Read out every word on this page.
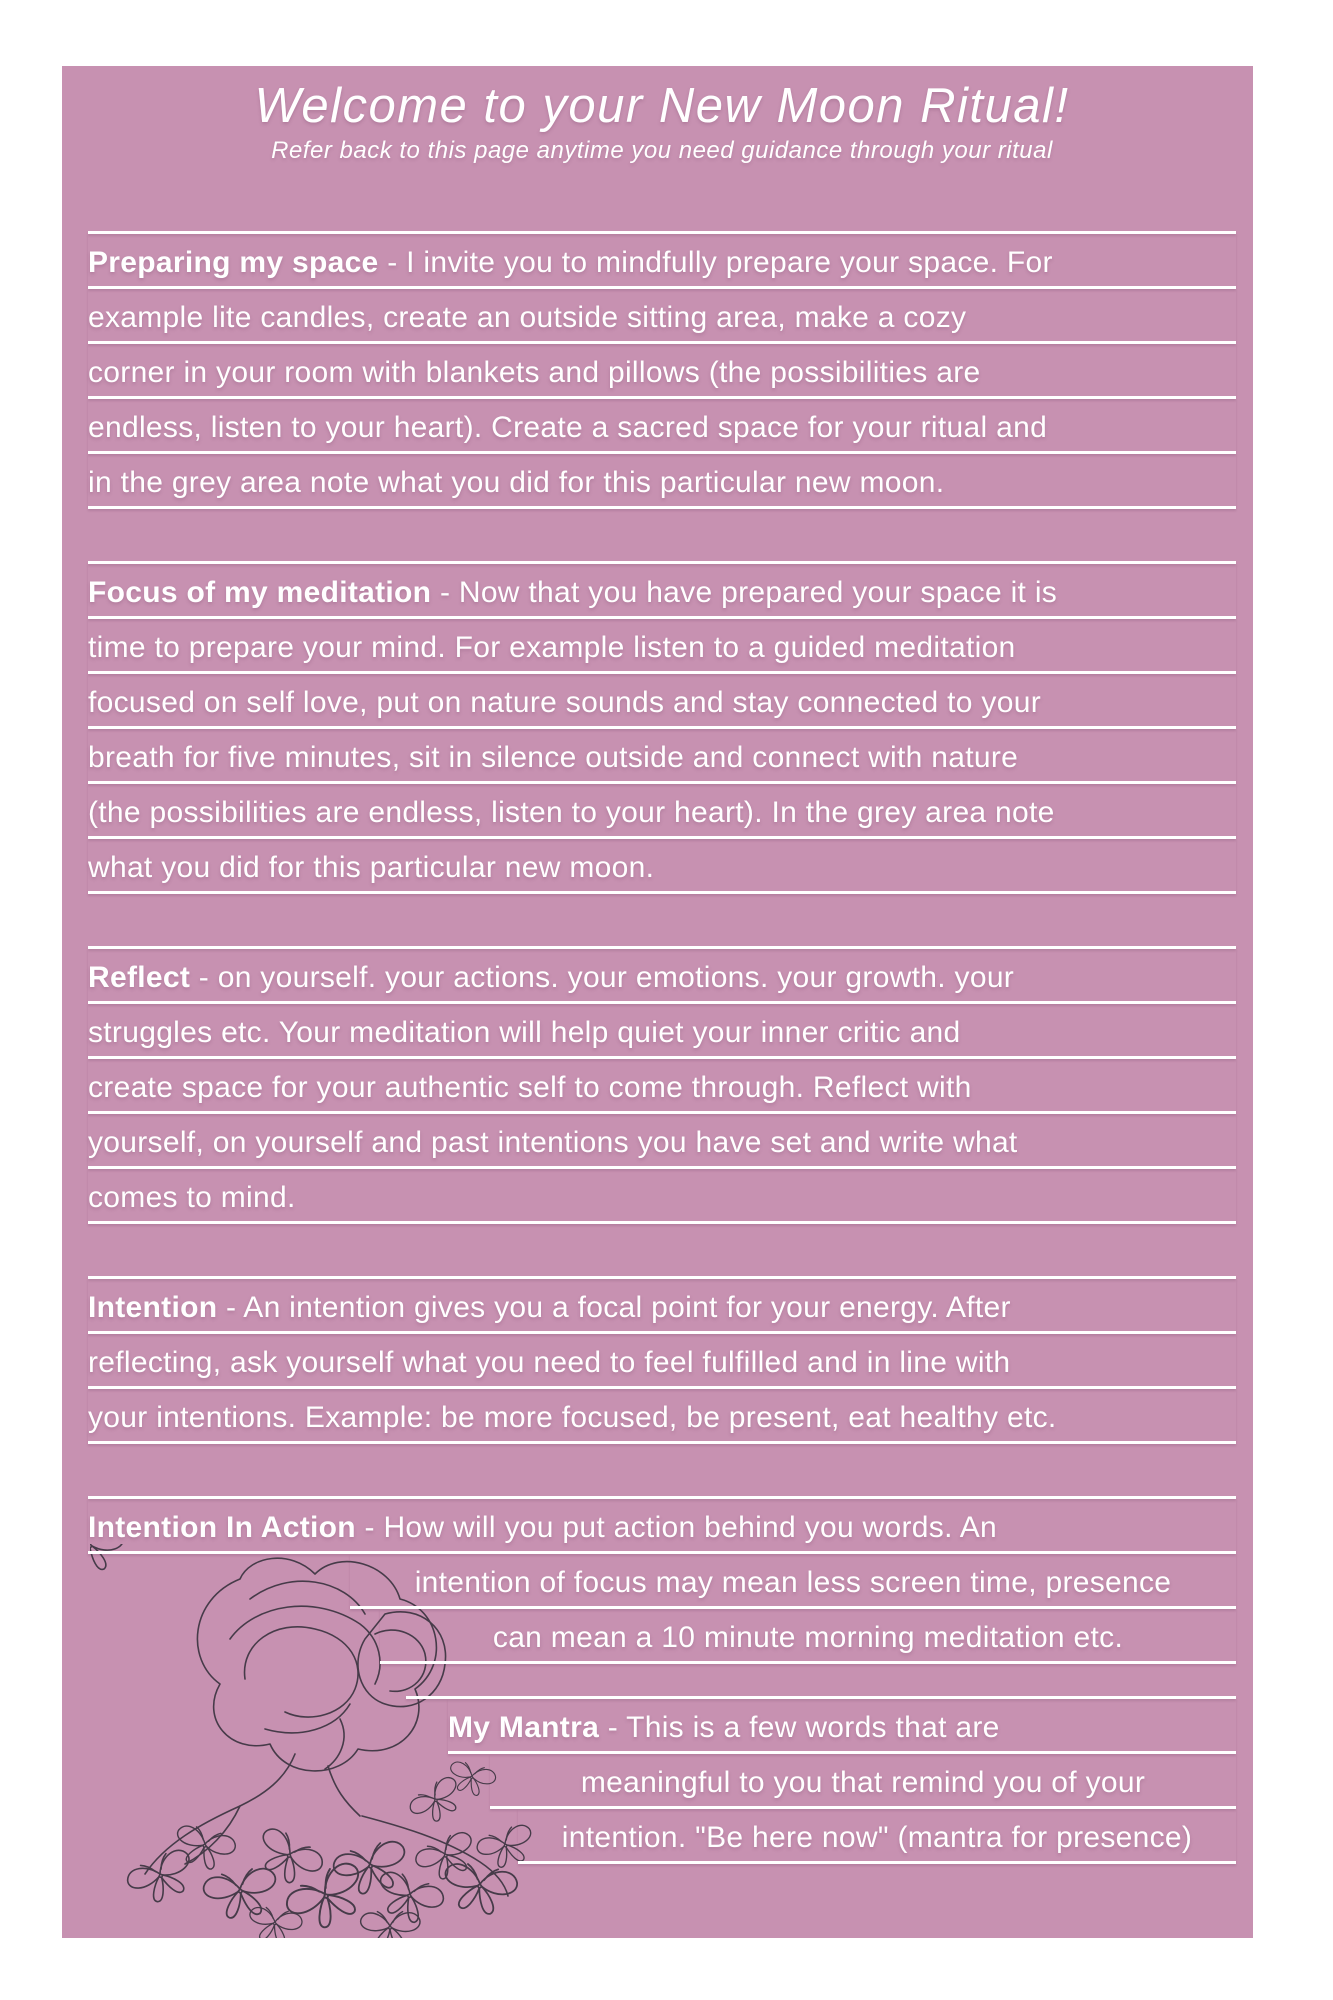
Welcome to your New Moon Ritual!
Refer back to this page anytime you need guidance through your ritual
Preparing my space - I invite you to mindfully prepare your space. For
example lite candles, create an outside sitting area, make a cozy
corner in your room with blankets and pillows (the possibilities are
endless, listen to your heart). Create a sacred space for your ritual and
in the grey area note what you did for this particular new moon.
Focus of my meditation - Now that you have prepared your space it is
time to prepare your mind. For example listen to a guided meditation
focused on self love, put on nature sounds and stay connected to your
breath for five minutes, sit in silence outside and connect with nature
(the possibilities are endless, listen to your heart). In the grey area note
what you did for this particular new moon.
Reflect - on yourself. your actions. your emotions. your growth. your
struggles etc. Your meditation will help quiet your inner critic and
create space for your authentic self to come through. Reflect with
yourself, on yourself and past intentions you have set and write what
comes to mind.
Intention - An intention gives you a focal point for your energy. After
reflecting, ask yourself what you need to feel fulfilled and in line with
your intentions. Example: be more focused, be present, eat healthy etc.
Intention In Action - How will you put action behind you words. An
intention of focus may mean less screen time, presence
can mean a 10 minute morning meditation etc.
My Mantra - This is a few words that are
meaningful to you that remind you of your
intention. "Be here now" (mantra for presence)
